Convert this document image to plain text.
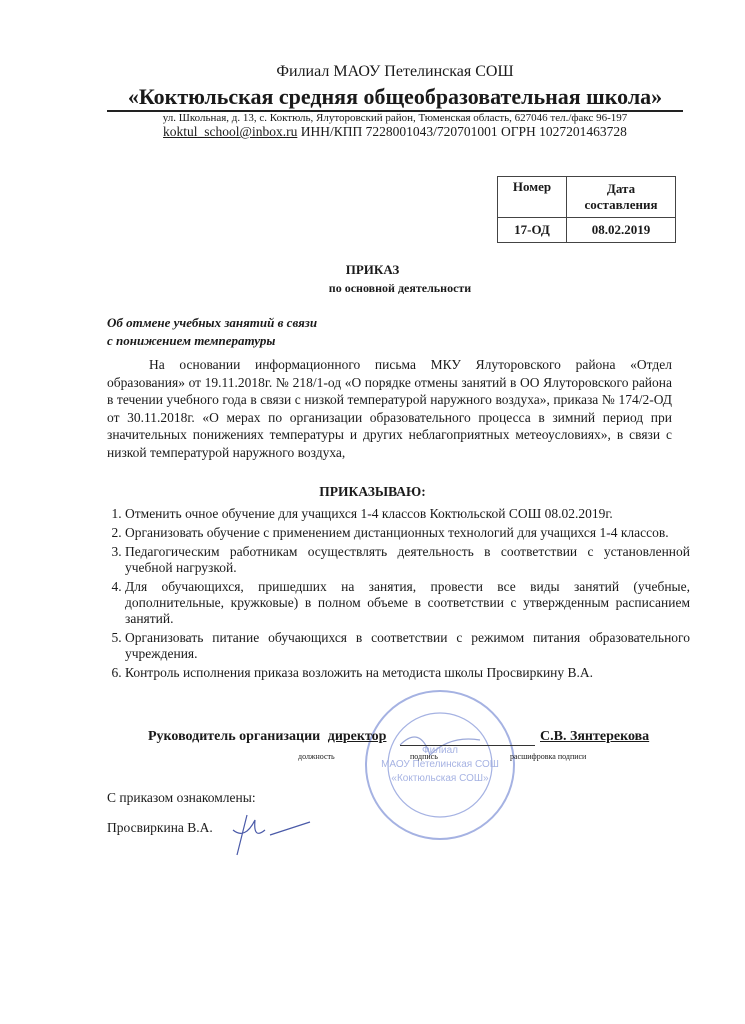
Филиал МАОУ Петелинская СОШ
«Коктюльская средняя общеобразовательная школа»
ул. Школьная, д. 13, с. Коктюль, Ялуторовский район, Тюменская область, 627046 тел./факс 96-197
koktul_school@inbox.ru ИНН/КПП 7228001043/720701001 ОГРН 1027201463728
Номер	Дата составления
17-ОД	08.02.2019
ПРИКАЗ
по основной деятельности
Об отмене учебных занятий в связи
с понижением температуры
На основании информационного письма МКУ Ялуторовского района «Отдел образования» от 19.11.2018г. № 218/1-од «О порядке отмены занятий в ОО Ялуторовского района в течении учебного года в связи с низкой температурой наружного воздуха», приказа № 174/2-ОД от 30.11.2018г. «О мерах по организации образовательного процесса в зимний период при значительных понижениях температуры и других неблагоприятных метеоусловиях», в связи с низкой температурой наружного воздуха,
ПРИКАЗЫВАЮ:
1. Отменить очное обучение для учащихся 1-4 классов Коктюльской СОШ 08.02.2019г.
2. Организовать обучение с применением дистанционных технологий для учащихся 1-4 классов.
3. Педагогическим работникам осуществлять деятельность в соответствии с установленной учебной нагрузкой.
4. Для обучающихся, пришедших на занятия, провести все виды занятий (учебные, дополнительные, кружковые) в полном объеме в соответствии с утвержденным расписанием занятий.
5. Организовать питание обучающихся в соответствии с режимом питания образовательного учреждения.
6. Контроль исполнения приказа возложить на методиста школы Просвиркину В.А.
Филиал
МАОУ Петелинская СОШ
«Коктюльская СОШ»
Руководитель организации директор	С.В. Зянтерекова
должность	подпись	расшифровка подписи
С приказом ознакомлены:
Просвиркина В.А.
